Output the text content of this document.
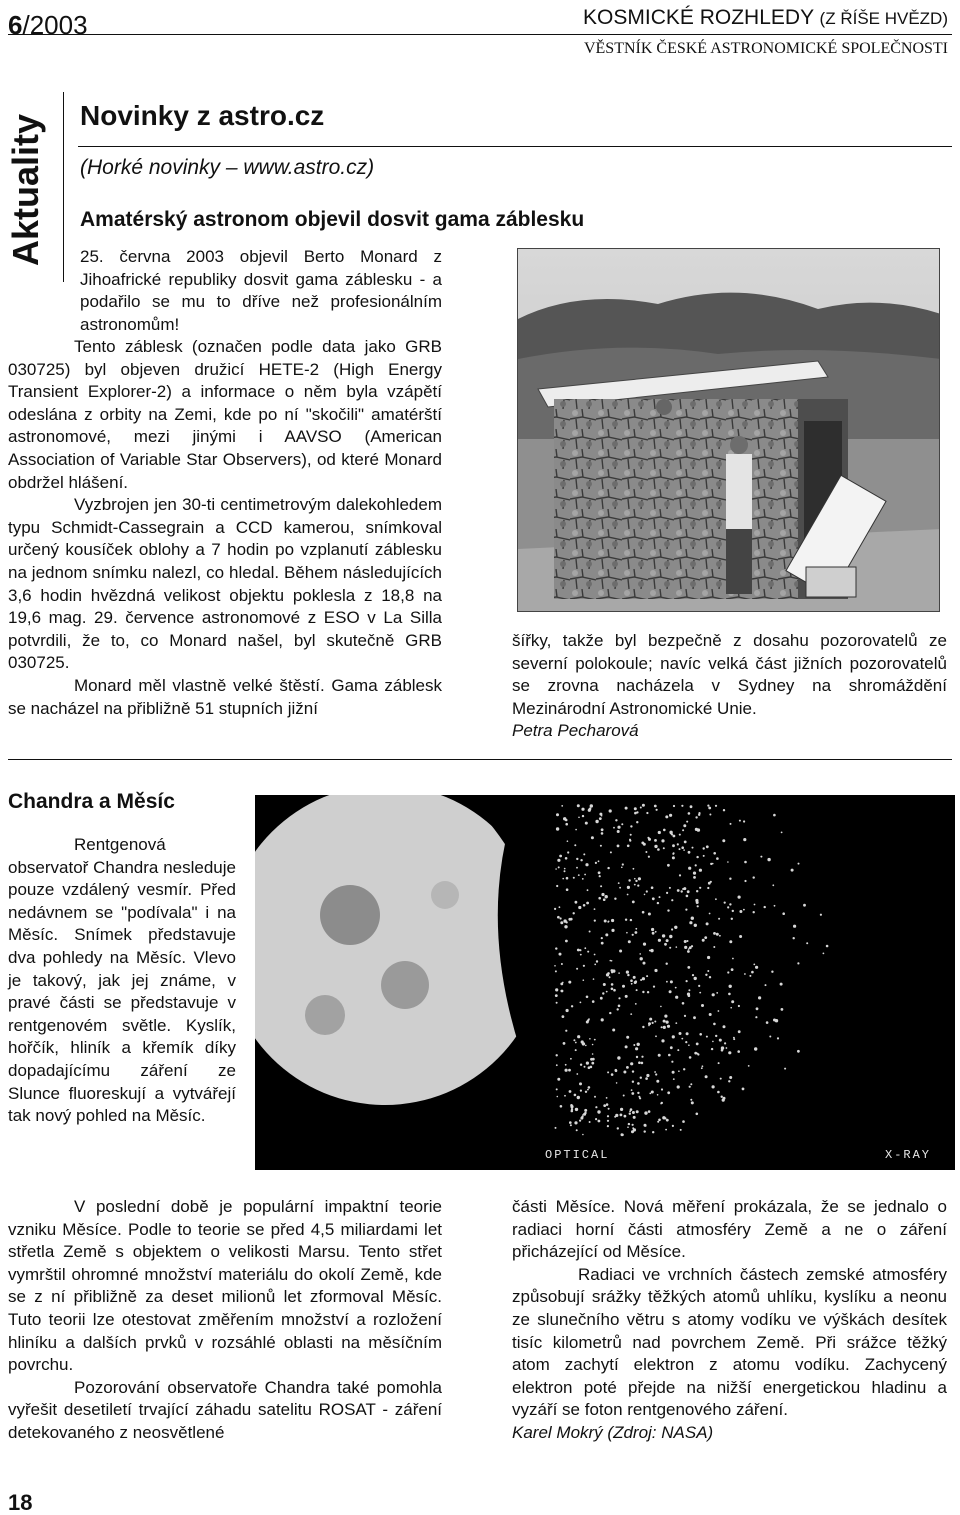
6/2003	KOSMICKÉ ROZHLEDY (Z ŘÍŠE HVĚZD)
VĚSTNÍK ČESKÉ ASTRONOMICKÉ SPOLEČNOSTI
Aktuality Novinky z astro.cz
(Horké novinky – www.astro.cz)
Amatérský astronom objevil dosvit gama záblesku

25. června 2003 objevil Berto Monard z Jihoafrické republiky dosvit gama záblesku - a podařilo se mu to dříve než profesionálním astronomům!

Tento záblesk (označen podle data jako GRB 030725) byl objeven družicí HETE-2 (High Energy Transient Explorer-2) a informace o něm byla vzápětí odeslána z orbity na Zemi, kde po ní "skočili" amatérští astronomové, mezi jinými i AAVSO (American Association of Variable Star Observers), od které Monard obdržel hlášení.

Vyzbrojen jen 30-ti centimetrovým dalekohledem typu Schmidt-Cassegrain a CCD kamerou, snímkoval určený kousíček oblohy a 7 hodin po vzplanutí záblesku na jednom snímku nalezl, co hledal. Během následujících 3,6 hodin hvězdná velikost objektu poklesla z 18,8 na 19,6 mag. 29. července astronomové z ESO v La Silla potvrdili, že to, co Monard našel, byl skutečně GRB 030725.

Monard měl vlastně velké štěstí. Gama záblesk se nacházel na přibližně 51 stupních jižní

šířky, takže byl bezpečně z dosahu pozorovatelů ze severní polokoule; navíc velká část jižních pozorovatelů se zrovna nacházela v Sydney na shromáždění Mezinárodní Astronomické Unie.

Petra Pecharová

Chandra a Měsíc
OPTICAL	X-RAY

Rentgenová observatoř Chandra nesleduje pouze vzdálený vesmír. Před nedávnem se "podívala" i na Měsíc. Snímek představuje dva pohledy na Měsíc. Vlevo je takový, jak jej známe, v pravé části se představuje v rentgenovém světle. Kyslík, hořčík, hliník a křemík díky dopadajícímu záření ze Slunce fluoreskují a vytvářejí tak nový pohled na Měsíc.

V poslední době je populární impaktní teorie vzniku Měsíce. Podle to teorie se před 4,5 miliardami let střetla Země s objektem o velikosti Marsu. Tento střet vymrštil ohromné množství materiálu do okolí Země, kde se z ní přibližně za deset milionů let zformoval Měsíc. Tuto teorii lze otestovat změřením množství a rozložení hliníku a dalších prvků v rozsáhlé oblasti na měsíčním povrchu.

Pozorování observatoře Chandra také pomohla vyřešit desetiletí trvající záhadu satelitu ROSAT - záření detekovaného z neosvětlené

části Měsíce. Nová měření prokázala, že se jednalo o radiaci horní části atmosféry Země a ne o záření přicházející od Měsíce.

Radiaci ve vrchních částech zemské atmosféry způsobují srážky těžkých atomů uhlíku, kyslíku a neonu ze slunečního větru s atomy vodíku ve výškách desítek tisíc kilometrů nad povrchem Země. Při srážce těžký atom zachytí elektron z atomu vodíku. Zachycený elektron poté přejde na nižší energetickou hladinu a vyzáří se foton rentgenového záření.

Karel Mokrý (Zdroj: NASA)

18
